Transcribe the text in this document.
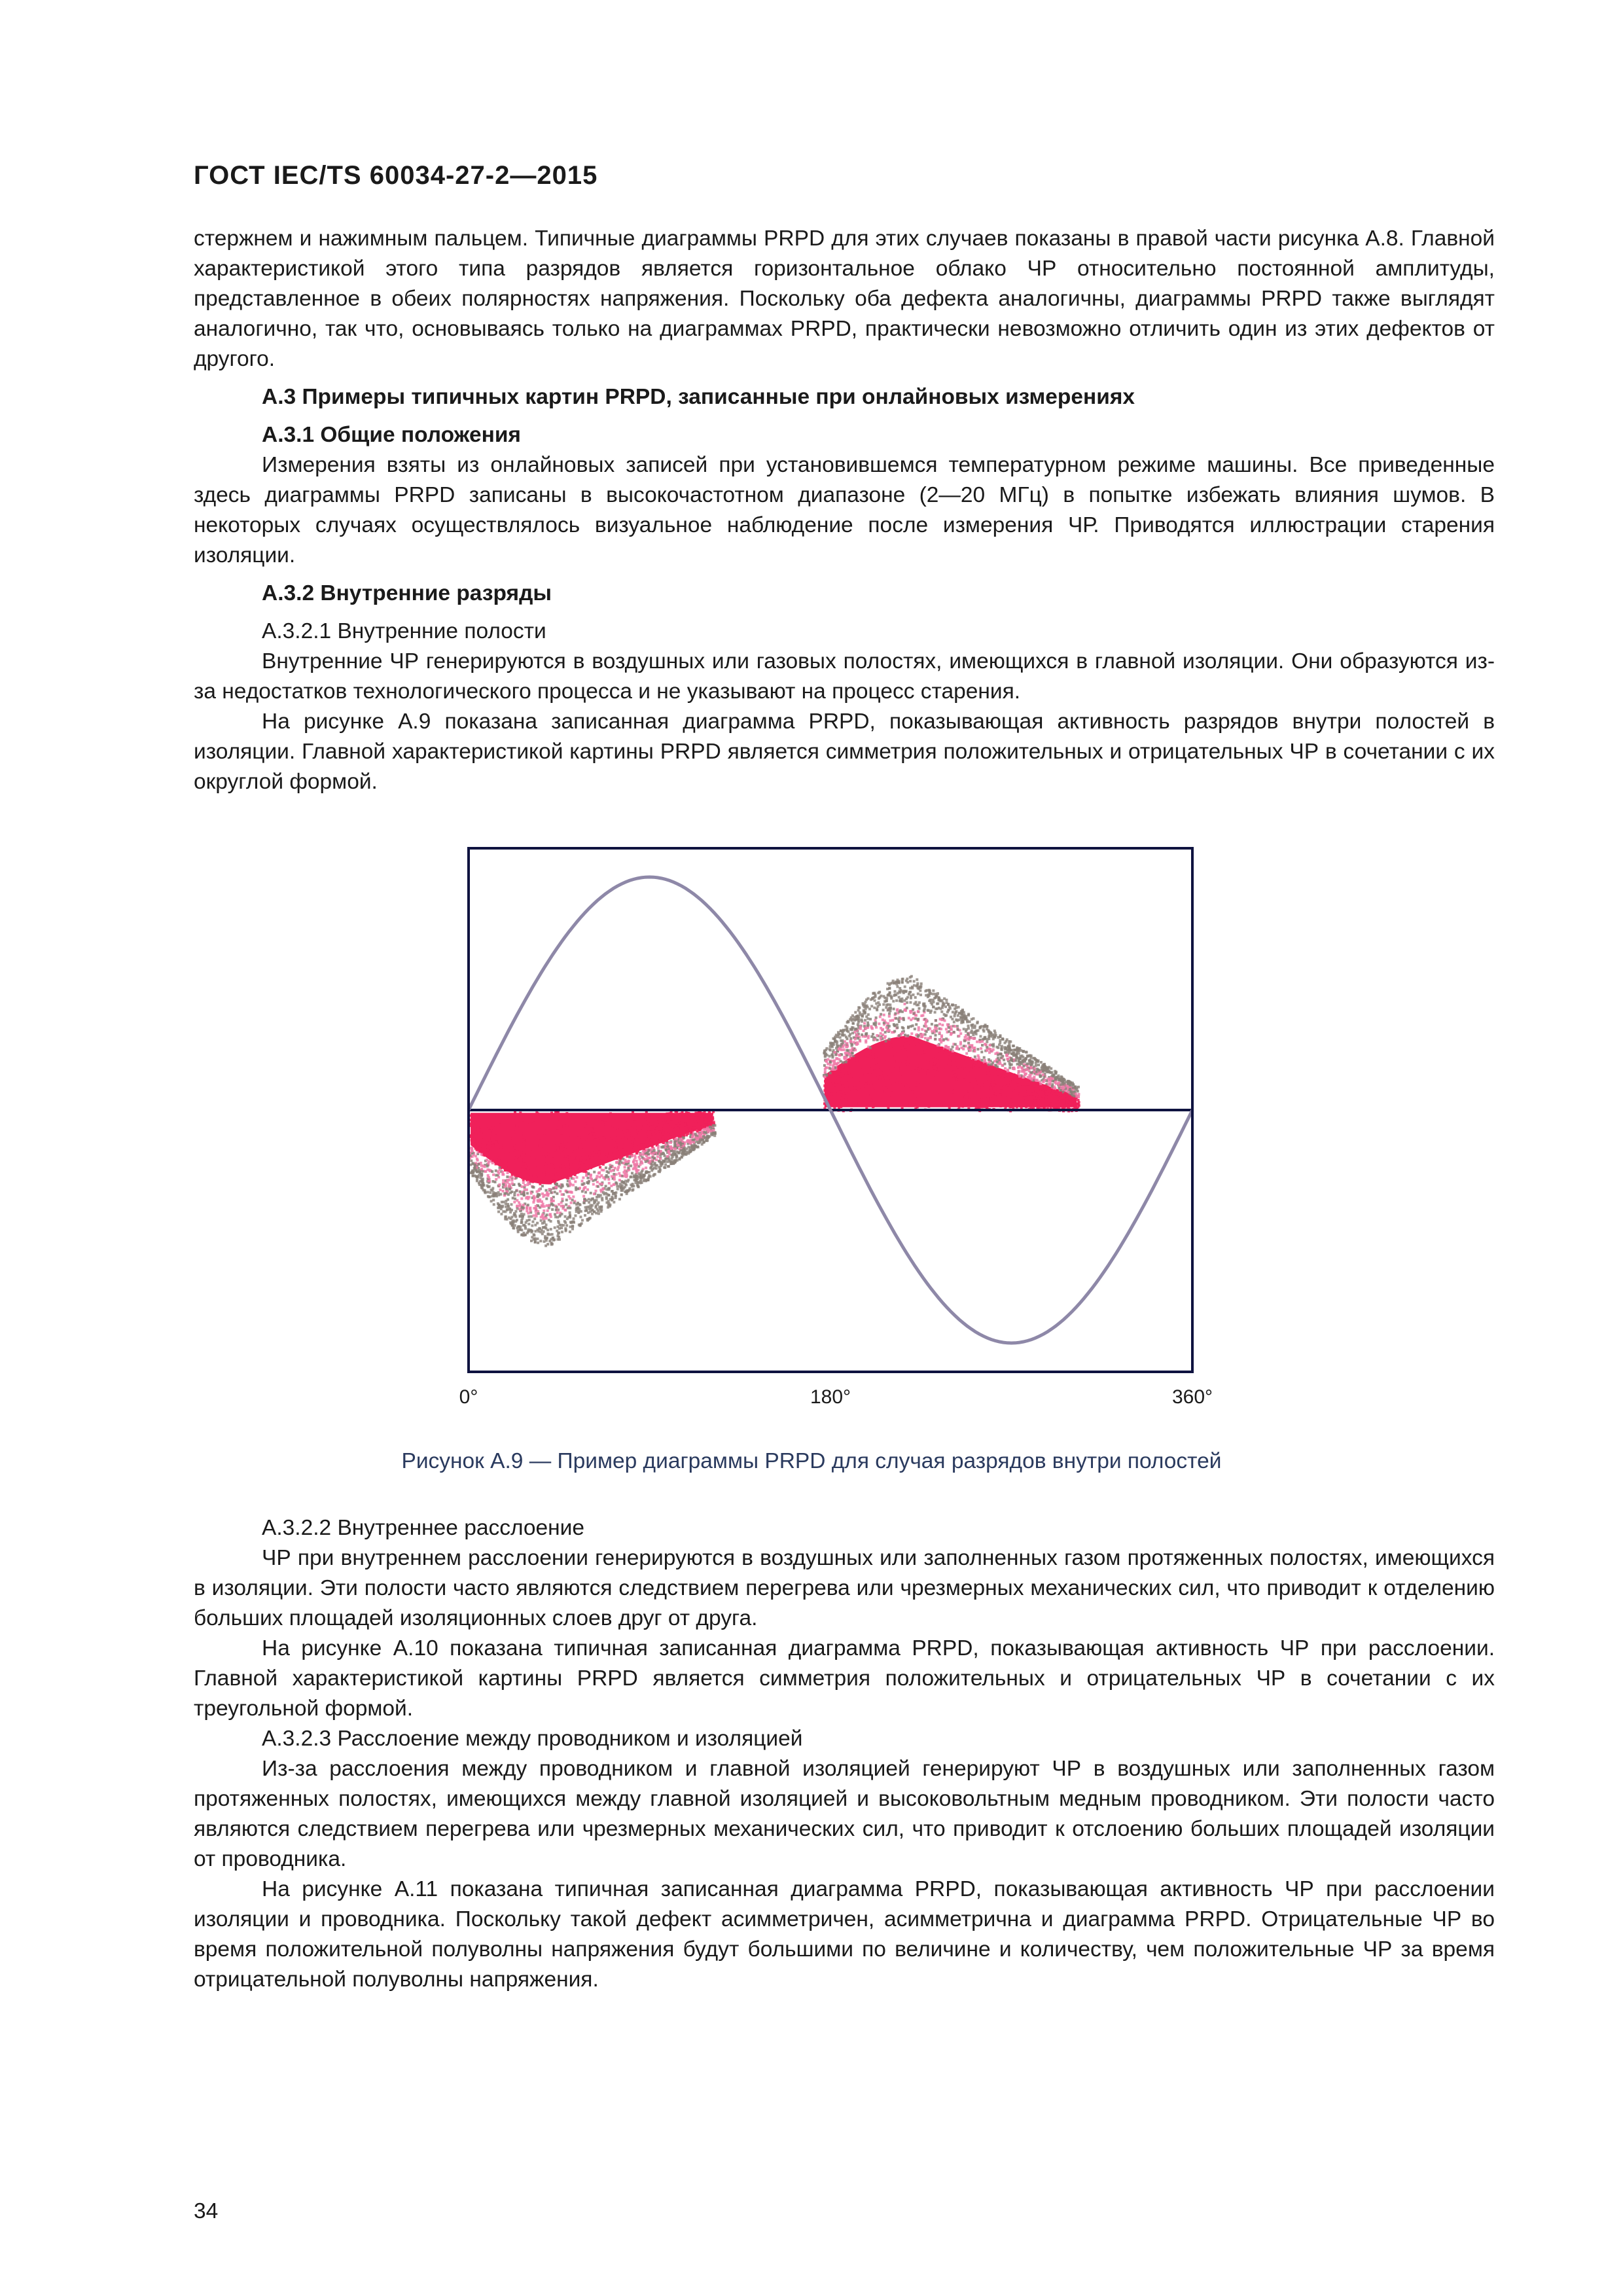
ГОСТ IEC/TS 60034-27-2—2015

стержнем и нажимным пальцем. Типичные диаграммы PRPD для этих случаев показаны в правой части рисунка А.8. Главной характеристикой этого типа разрядов является горизонтальное облако ЧР относительно постоянной амплитуды, представленное в обеих полярностях напряжения. Поскольку оба дефекта аналогичны, диаграммы PRPD также выглядят аналогично, так что, основываясь только на диаграммах PRPD, практически невозможно отличить один из этих дефектов от другого.

А.3 Примеры типичных картин PRPD, записанные при онлайновых измерениях

А.3.1 Общие положения

Измерения взяты из онлайновых записей при установившемся температурном режиме машины. Все приведенные здесь диаграммы PRPD записаны в высокочастотном диапазоне (2—20 МГц) в попытке избежать влияния шумов. В некоторых случаях осуществлялось визуальное наблюдение после измерения ЧР. Приводятся иллюстрации старения изоляции.

А.3.2 Внутренние разряды

А.3.2.1 Внутренние полости

Внутренние ЧР генерируются в воздушных или газовых полостях, имеющихся в главной изоляции. Они образуются из-за недостатков технологического процесса и не указывают на процесс старения.

На рисунке А.9 показана записанная диаграмма PRPD, показывающая активность разрядов внутри полостей в изоляции. Главной характеристикой картины PRPD является симметрия положительных и отрицательных ЧР в сочетании с их округлой формой.

0°	180°	360°
Рисунок А.9 — Пример диаграммы PRPD для случая разрядов внутри полостей

А.3.2.2 Внутреннее расслоение

ЧР при внутреннем расслоении генерируются в воздушных или заполненных газом протяженных полостях, имеющихся в изоляции. Эти полости часто являются следствием перегрева или чрезмерных механических сил, что приводит к отделению больших площадей изоляционных слоев друг от друга.

На рисунке А.10 показана типичная записанная диаграмма PRPD, показывающая активность ЧР при расслоении. Главной характеристикой картины PRPD является симметрия положительных и отрицательных ЧР в сочетании с их треугольной формой.

А.3.2.3 Расслоение между проводником и изоляцией

Из-за расслоения между проводником и главной изоляцией генерируют ЧР в воздушных или заполненных газом протяженных полостях, имеющихся между главной изоляцией и высоковольтным медным проводником. Эти полости часто являются следствием перегрева или чрезмерных механических сил, что приводит к отслоению больших площадей изоляции от проводника.

На рисунке А.11 показана типичная записанная диаграмма PRPD, показывающая активность ЧР при расслоении изоляции и проводника. Поскольку такой дефект асимметричен, асимметрична и диаграмма PRPD. Отрицательные ЧР во время положительной полуволны напряжения будут большими по величине и количеству, чем положительные ЧР за время отрицательной полуволны напряжения.

34
